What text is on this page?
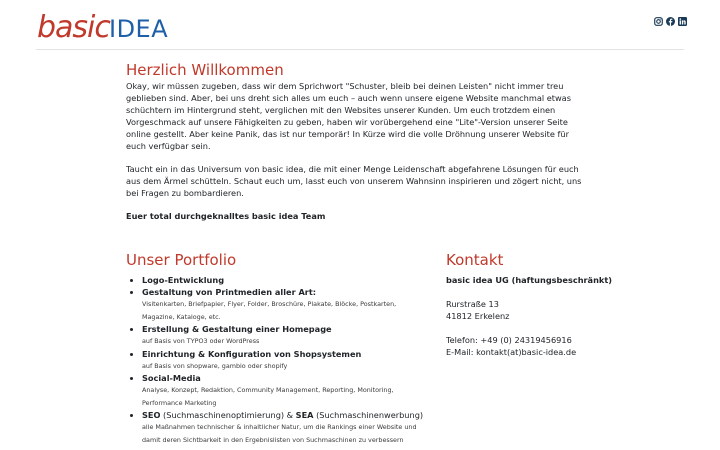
basic IDEA
Herzlich Willkommen

Okay, wir müssen zugeben, dass wir dem Sprichwort "Schuster, bleib bei deinen Leisten" nicht immer treu geblieben sind. Aber, bei uns dreht sich alles um euch – auch wenn unsere eigene Website manchmal etwas schüchtern im Hintergrund steht, verglichen mit den Websites unserer Kunden. Um euch trotzdem einen Vorgeschmack auf unsere Fähigkeiten zu geben, haben wir vorübergehend eine "Lite"-Version unserer Seite online gestellt. Aber keine Panik, das ist nur temporär! In Kürze wird die volle Dröhnung unserer Website für euch verfügbar sein.

Taucht ein in das Universum von basic idea, die mit einer Menge Leidenschaft abgefahrene Lösungen für euch aus dem Ärmel schütteln. Schaut euch um, lasst euch von unserem Wahnsinn inspirieren und zögert nicht, uns bei Fragen zu bombardieren.

Euer total durchgeknalltes basic idea Team

Unser Portfolio
• Logo-Entwicklung
• Gestaltung von Printmedien aller Art:
Visitenkarten, Briefpapier, Flyer, Folder, Broschüre, Plakate, Blöcke, Postkarten, Magazine, Kataloge, etc.
• Erstellung & Gestaltung einer Homepage
auf Basis von TYPO3 oder WordPress
• Einrichtung & Konfiguration von Shopsystemen
auf Basis von shopware, gambio oder shopify
• Social-Media
Analyse, Konzept, Redaktion, Community Management, Reporting, Monitoring, Performance Marketing
• SEO (Suchmaschinenoptimierung) & SEA (Suchmaschinenwerbung)
alle Maßnahmen technischer & inhaltlicher Natur, um die Rankings einer Website und damit deren Sichtbarkeit in den Ergebnislisten von Suchmaschinen zu verbessern
Kontakt
basic idea UG (haftungsbeschränkt)
Rurstraße 13
41812 Erkelenz
Telefon: +49 (0) 24319456916
E-Mail: kontakt(at)basic-idea.de
